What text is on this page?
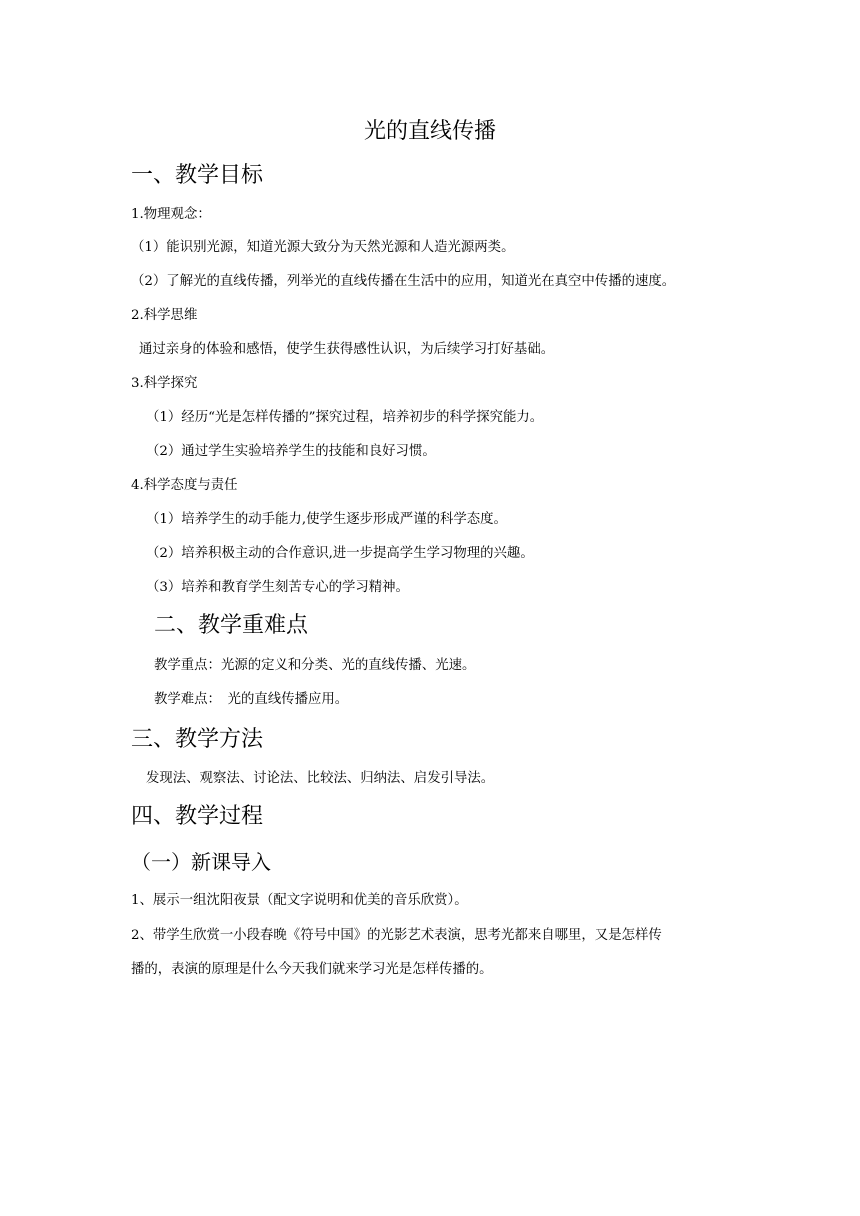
光的直线传播
一、教学目标
1.物理观念：
（1）能识别光源，知道光源大致分为天然光源和人造光源两类。
（2）了解光的直线传播，列举光的直线传播在生活中的应用，知道光在真空中传播的速度。
2.科学思维
通过亲身的体验和感悟，使学生获得感性认识，为后续学习打好基础。
3.科学探究
（1）经历“光是怎样传播的”探究过程，培养初步的科学探究能力。
（2）通过学生实验培养学生的技能和良好习惯。
4.科学态度与责任
（1）培养学生的动手能力,使学生逐步形成严谨的科学态度。
（2）培养积极主动的合作意识,进一步提高学生学习物理的兴趣。
（3）培养和教育学生刻苦专心的学习精神。
二、教学重难点
教学重点：光源的定义和分类、光的直线传播、光速。
教学难点：　光的直线传播应用。
三、教学方法
发现法、观察法、讨论法、比较法、归纳法、启发引导法。
四、教学过程
（一）新课导入
1、展示一组沈阳夜景（配文字说明和优美的音乐欣赏）。
2、带学生欣赏一小段春晚《符号中国》的光影艺术表演，思考光都来自哪里，又是怎样传
播的，表演的原理是什么今天我们就来学习光是怎样传播的。
